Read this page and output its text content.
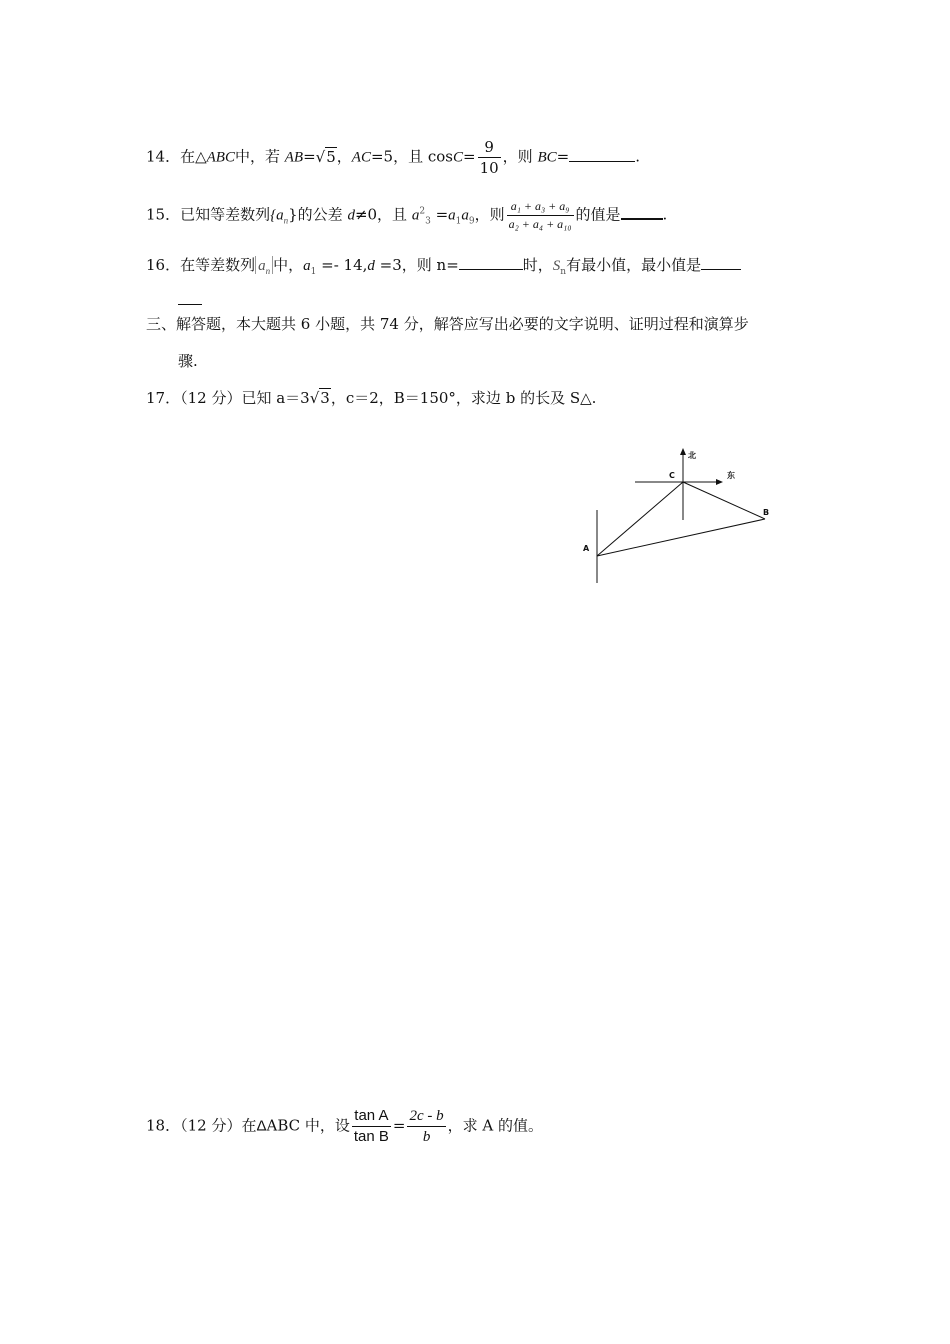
14．在△ABC中，若 AB=√5，AC=5，且 $\cos C= \frac{9}{10}$ ，则 BC=	.
15．已知等差数列$\{a_n\}$的公差 d≠0，且 $a^2_3 =a_1a_9$，则 $\frac{\text{a₁ + a₃ + a₉}}{\text{a₂ + a₄ + a₁₀}}$ 的值是	.
16．在等差数列 $a_n$ 中，$a_1 =- 14,d =3$，则 n=	时，$S_n$有最小值，最小值是
三、解答题，本大题共 6 小题，共 74 分，解答应写出必要的文字说明、证明过程和演算步
骤.
17．（12 分）已知 a＝3√3，c＝2，B＝150°，求边 b 的长及 S△.
北
东
C
B
A
18．（12 分）在ΔABC 中，设 $\frac{\text{tan A}}{\text{tan B}} = \frac{2c - b}{b}$ ，求 A 的值。
